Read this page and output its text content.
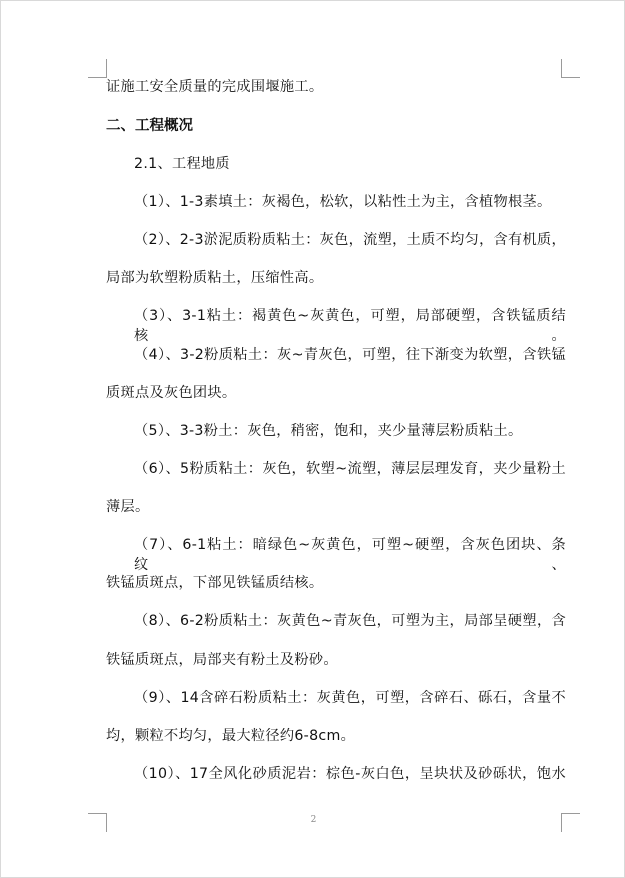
证施工安全质量的完成围堰施工。
二、工程概况
2.1、工程地质
（1）、1-3素填土：灰褐色，松软，以粘性土为主，含植物根茎。
（2）、2-3淤泥质粉质粘土：灰色，流塑，土质不均匀，含有机质，
局部为软塑粉质粘土，压缩性高。
（3）、3-1粘土：褐黄色~灰黄色，可塑，局部硬塑，含铁锰质结核。
（4）、3-2粉质粘土：灰~青灰色，可塑，往下渐变为软塑，含铁锰
质斑点及灰色团块。
（5）、3-3粉土：灰色，稍密，饱和，夹少量薄层粉质粘土。
（6）、5粉质粘土：灰色，软塑~流塑，薄层层理发育，夹少量粉土
薄层。
（7）、6-1粘土：暗绿色~灰黄色，可塑~硬塑，含灰色团块、条纹、
铁锰质斑点，下部见铁锰质结核。
（8）、6-2粉质粘土：灰黄色~青灰色，可塑为主，局部呈硬塑，含
铁锰质斑点，局部夹有粉土及粉砂。
（9）、14含碎石粉质粘土：灰黄色，可塑，含碎石、砾石，含量不
均，颗粒不均匀，最大粒径约6-8cm。
（10）、17全风化砂质泥岩：棕色-灰白色，呈块状及砂砾状，饱水
2
